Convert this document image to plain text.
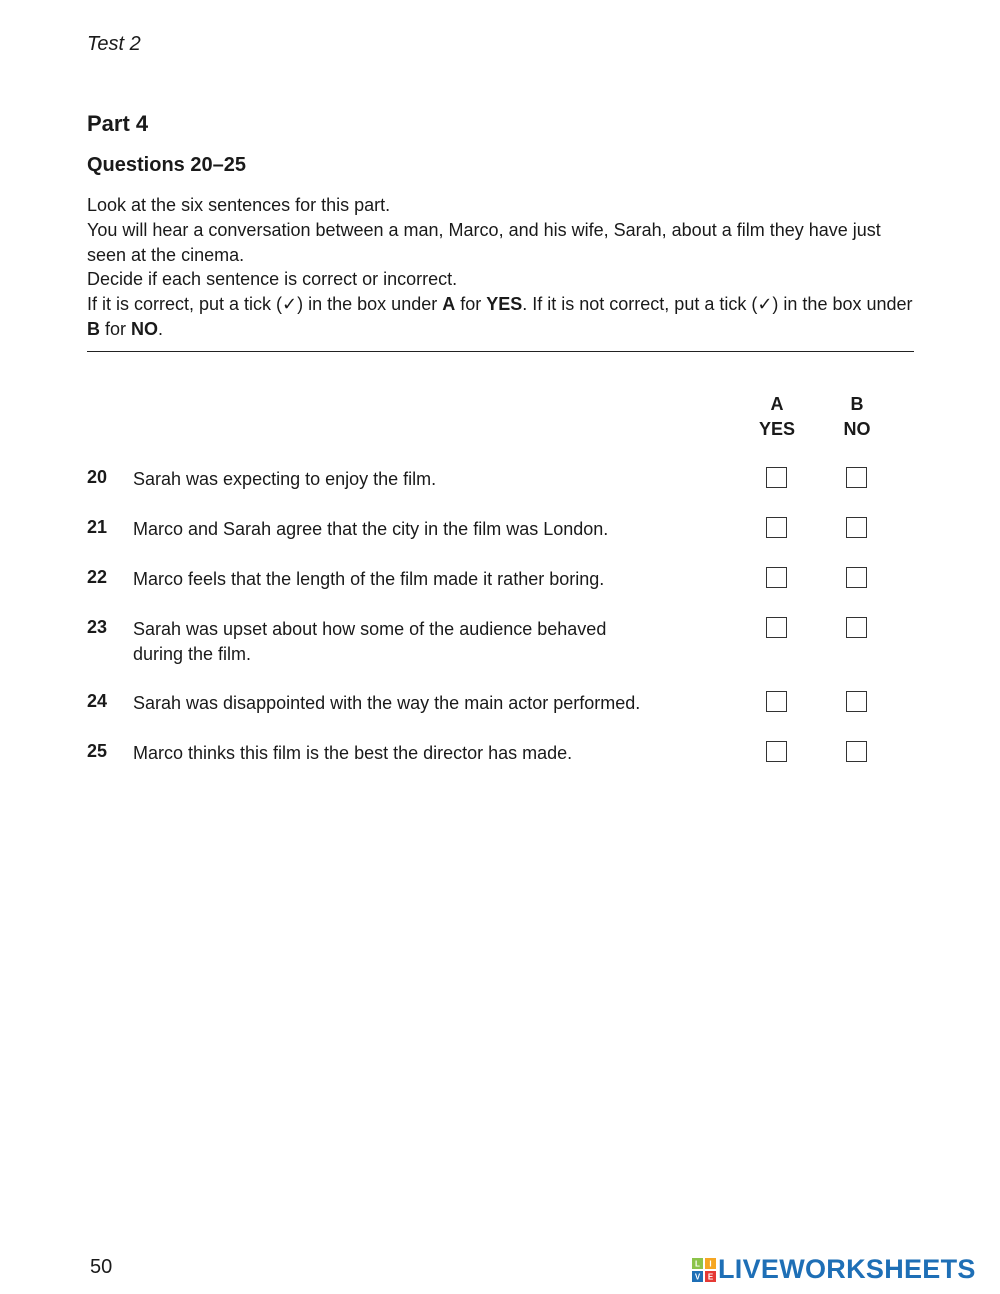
Test 2
Part 4
Questions 20–25

Look at the six sentences for this part.

You will hear a conversation between a man, Marco, and his wife, Sarah, about a film they have just seen at the cinema.

Decide if each sentence is correct or incorrect.

If it is correct, put a tick (✓) in the box under A for YES. If it is not correct, put a tick (✓) in the box under B for NO.

A
YES
B
NO
20 Sarah was expecting to enjoy the film.
21 Marco and Sarah agree that the city in the film was London.
22 Marco feels that the length of the film made it rather boring.
23 Sarah was upset about how some of the audience behaved during the film.
24 Sarah was disappointed with the way the main actor performed.
25 Marco thinks this film is the best the director has made.
50	L I
V E LIVEWORKSHEETS
